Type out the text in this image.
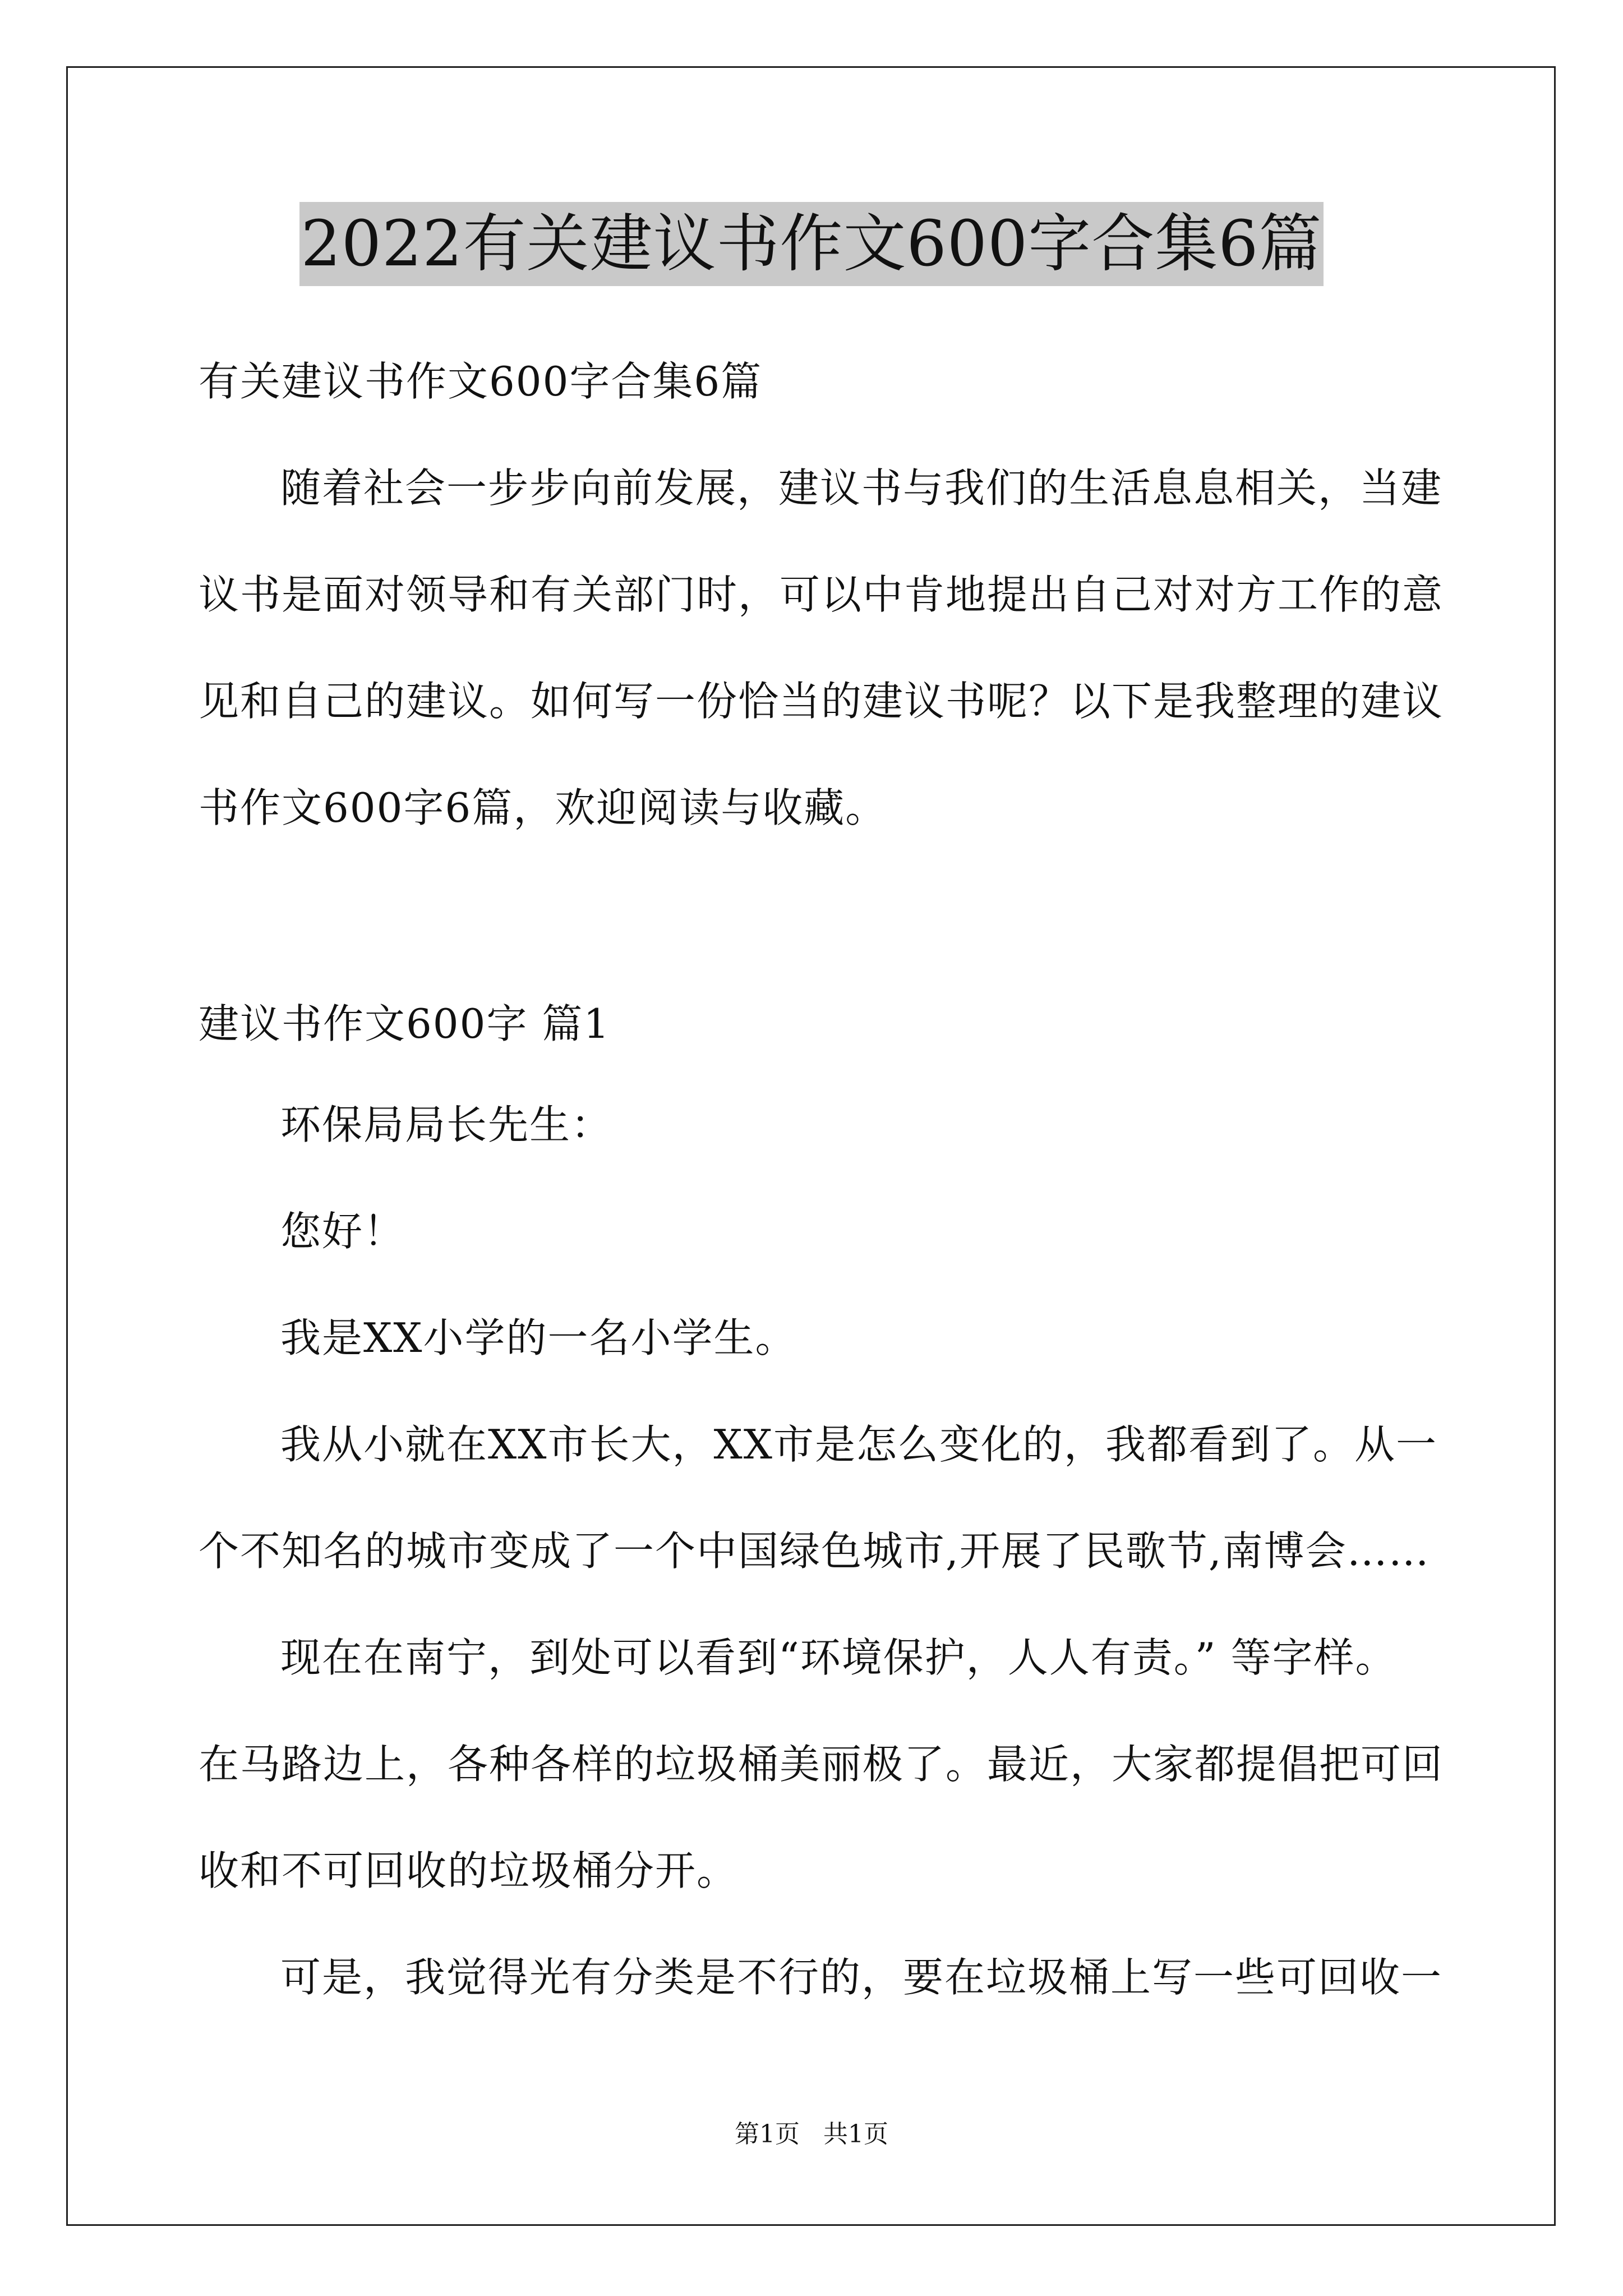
2022有关建议书作文600字合集6篇
有关建议书作文600字合集6篇
随着社会一步步向前发展，建议书与我们的生活息息相关，当建
议书是面对领导和有关部门时，可以中肯地提出自己对对方工作的意
见和自己的建议。如何写一份恰当的建议书呢？以下是我整理的建议
书作文600字6篇，欢迎阅读与收藏。
建议书作文600字 篇1
环保局局长先生：
您好！
我是XX小学的一名小学生。
我从小就在XX市长大，XX市是怎么变化的，我都看到了。从一
个不知名的城市变成了一个中国绿色城市,开展了民歌节,南博会……
现在在南宁，到处可以看到“环境保护，人人有责。” 等字样。
在马路边上，各种各样的垃圾桶美丽极了。最近，大家都提倡把可回
收和不可回收的垃圾桶分开。
可是，我觉得光有分类是不行的，要在垃圾桶上写一些可回收一
第1页   共1页
